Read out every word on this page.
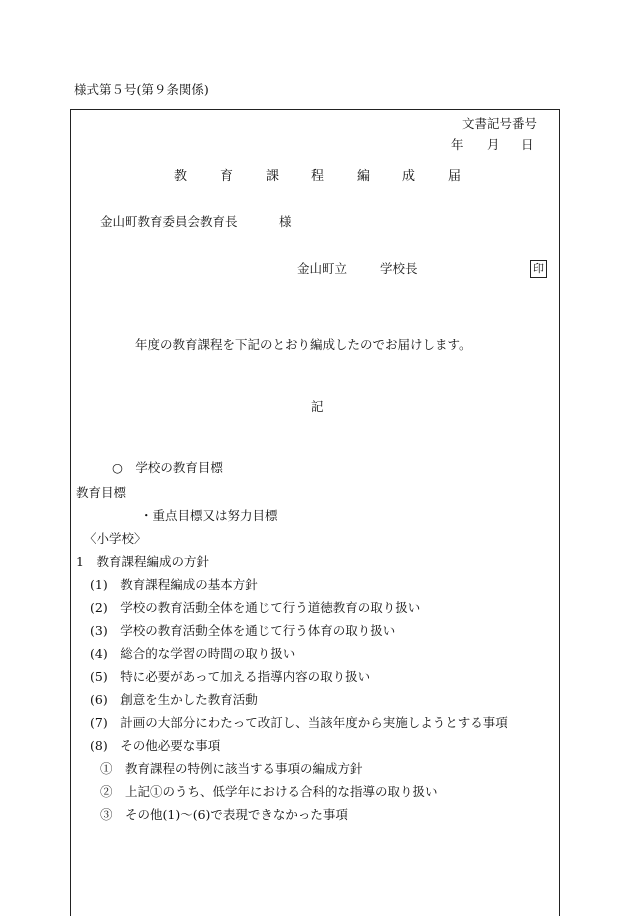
様式第５号(第９条関係)
文書記号番号
年 月 日
教	育	課 程	編 成	届
金山町教育委員会教育長	様
金山町立	学校長	印
年度の教育課程を下記のとおり編成したのでお届けします。
記
○　学校の教育目標
教育目標
・重点目標又は努力目標
〈小学校〉
1　教育課程編成の方針
(1)　教育課程編成の基本方針
(2)　学校の教育活動全体を通じて行う道徳教育の取り扱い
(3)　学校の教育活動全体を通じて行う体育の取り扱い
(4)　総合的な学習の時間の取り扱い
(5)　特に必要があって加える指導内容の取り扱い
(6)　創意を生かした教育活動
(7)　計画の大部分にわたって改訂し、当該年度から実施しようとする事項
(8)　その他必要な事項
①　教育課程の特例に該当する事項の編成方針
②　上記①のうち、低学年における合科的な指導の取り扱い
③　その他(1)～(6)で表現できなかった事項
